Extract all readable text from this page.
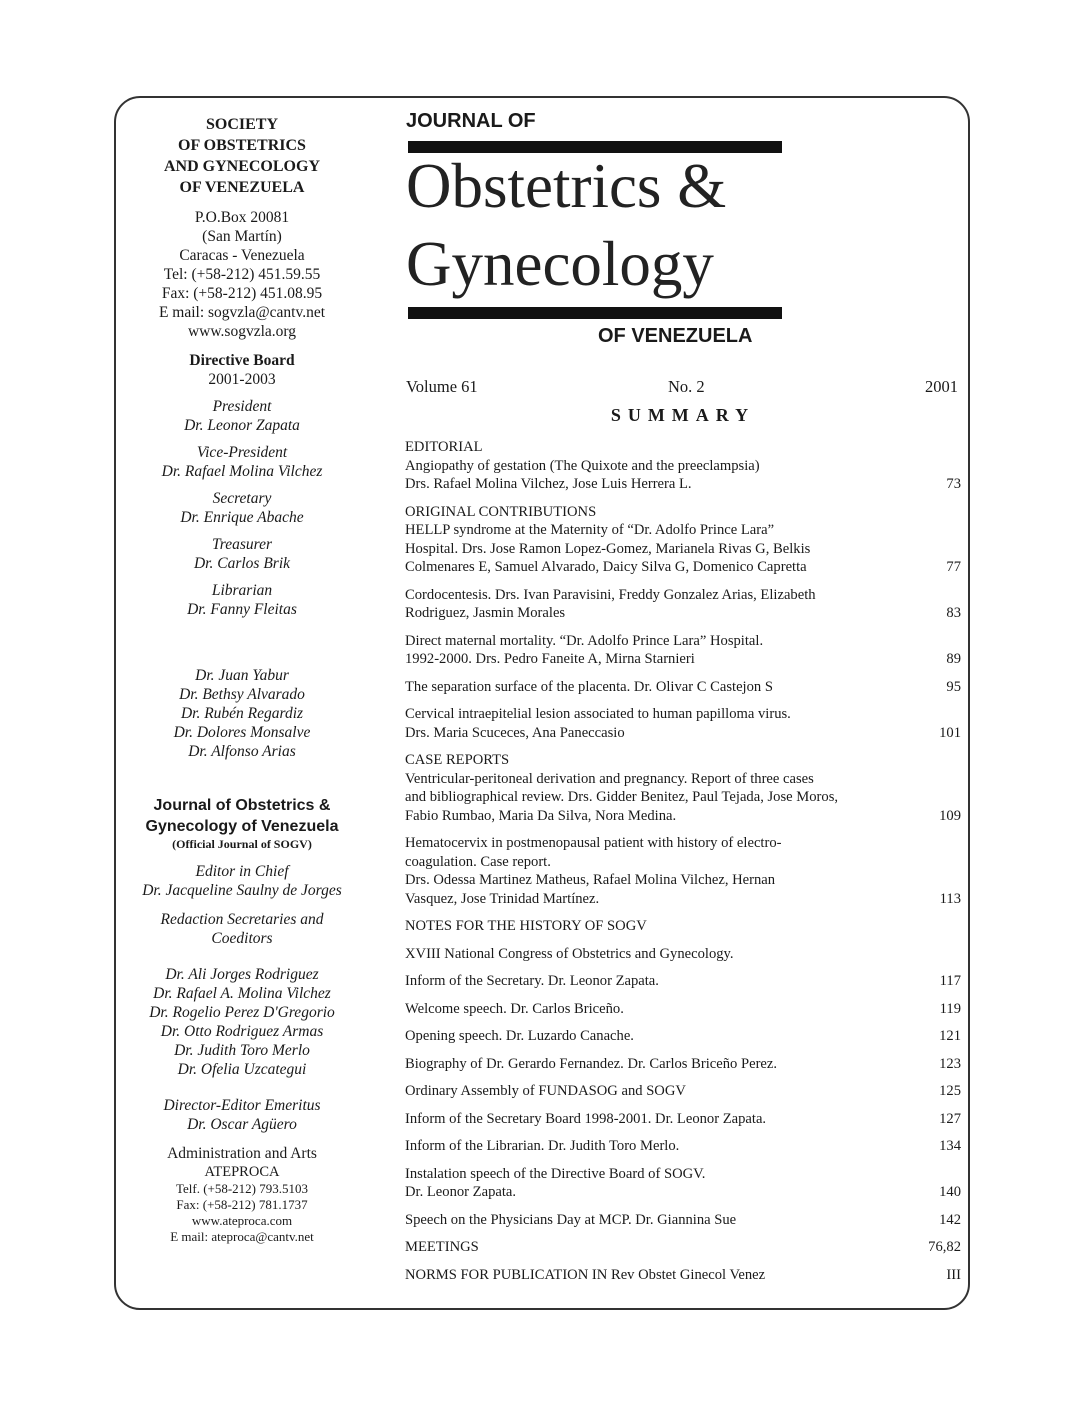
SOCIETY
OF OBSTETRICS
AND GYNECOLOGY
OF VENEZUELA
P.O.Box 20081
(San Martín)
Caracas - Venezuela
Tel: (+58-212) 451.59.55
Fax: (+58-212) 451.08.95
E mail: sogvzla@cantv.net
www.sogvzla.org
Directive Board
2001-2003
President
Dr. Leonor Zapata
Vice-President
Dr. Rafael Molina Vilchez
Secretary
Dr. Enrique Abache
Treasurer
Dr. Carlos Brik
Librarian
Dr. Fanny Fleitas
Dr. Juan Yabur
Dr. Bethsy Alvarado
Dr. Rubén Regardiz
Dr. Dolores Monsalve
Dr. Alfonso Arias
Journal of Obstetrics &
Gynecology of Venezuela
(Official Journal of SOGV)
Editor in Chief
Dr. Jacqueline Saulny de Jorges
Redaction Secretaries and
Coeditors
Dr. Ali Jorges Rodriguez
Dr. Rafael A. Molina Vilchez
Dr. Rogelio Perez D'Gregorio
Dr. Otto Rodriguez Armas
Dr. Judith Toro Merlo
Dr. Ofelia Uzcategui
Director-Editor Emeritus
Dr. Oscar Agüero
Administration and Arts
ATEPROCA
Telf. (+58-212) 793.5103
Fax: (+58-212) 781.1737
www.ateproca.com
E mail: ateproca@cantv.net
JOURNAL OF
Obstetrics &
Gynecology
OF VENEZUELA
Volume 61	No. 2	2001
SUMMARY
EDITORIAL
Angiopathy of gestation (The Quixote and the preeclampsia)
Drs. Rafael Molina Vilchez, Jose Luis Herrera L.	73
ORIGINAL CONTRIBUTIONS
HELLP syndrome at the Maternity of “Dr. Adolfo Prince Lara”
Hospital. Drs. Jose Ramon Lopez-Gomez, Marianela Rivas G, Belkis
Colmenares E, Samuel Alvarado, Daicy Silva G, Domenico Capretta	77
Cordocentesis. Drs. Ivan Paravisini, Freddy Gonzalez Arias, Elizabeth
Rodriguez, Jasmin Morales	83
Direct maternal mortality. “Dr. Adolfo Prince Lara” Hospital.
1992-2000. Drs. Pedro Faneite A, Mirna Starnieri	89
The separation surface of the placenta. Dr. Olivar C Castejon S	95
Cervical intraepitelial lesion associated to human papilloma virus.
Drs. Maria Scuceces, Ana Paneccasio	101
CASE REPORTS
Ventricular-peritoneal derivation and pregnancy. Report of three cases
and bibliographical review. Drs. Gidder Benitez, Paul Tejada, Jose Moros,
Fabio Rumbao, Maria Da Silva, Nora Medina.	109
Hematocervix in postmenopausal patient with history of electro-
coagulation. Case report.
Drs. Odessa Martinez Matheus, Rafael Molina Vilchez, Hernan
Vasquez, Jose Trinidad Martínez.	113
NOTES FOR THE HISTORY OF SOGV
XVIII National Congress of Obstetrics and Gynecology.
Inform of the Secretary. Dr. Leonor Zapata.	117
Welcome speech. Dr. Carlos Briceño.	119
Opening speech. Dr. Luzardo Canache.	121
Biography of Dr. Gerardo Fernandez. Dr. Carlos Briceño Perez.	123
Ordinary Assembly of FUNDASOG and SOGV	125
Inform of the Secretary Board 1998-2001. Dr. Leonor Zapata.	127
Inform of the Librarian. Dr. Judith Toro Merlo.	134
Instalation speech of the Directive Board of SOGV.
Dr. Leonor Zapata.	140
Speech on the Physicians Day at MCP. Dr. Giannina Sue	142
MEETINGS	76,82
NORMS FOR PUBLICATION IN Rev Obstet Ginecol Venez	III
